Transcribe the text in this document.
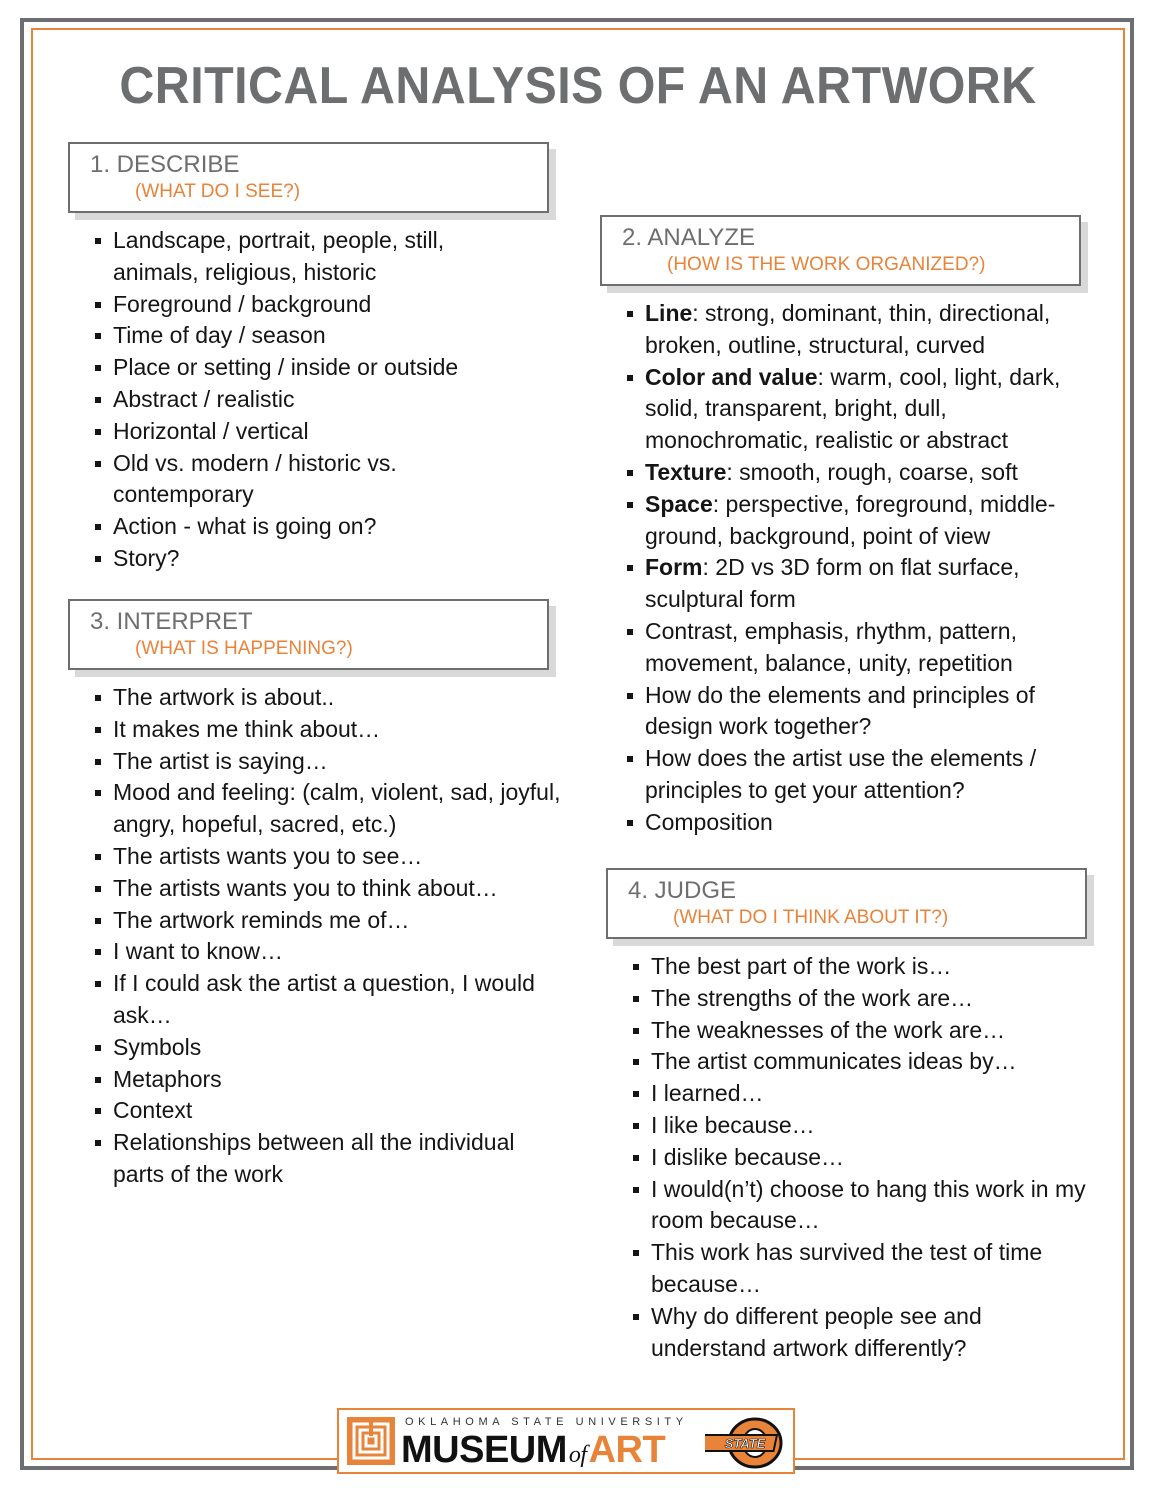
CRITICAL ANALYSIS OF AN ARTWORK
1. DESCRIBE
(WHAT DO I SEE?)
Landscape, portrait, people, still, animals, religious, historic
Foreground / background
Time of day / season
Place or setting / inside or outside
Abstract / realistic
Horizontal / vertical
Old vs. modern / historic vs. contemporary
Action - what is going on?
Story?
2. ANALYZE
(HOW IS THE WORK ORGANIZED?)
Line: strong, dominant, thin, directional, broken, outline, structural, curved
Color and value: warm, cool, light, dark, solid, transparent, bright, dull, monochromatic, realistic or abstract
Texture: smooth, rough, coarse, soft
Space: perspective, foreground, middle-ground, background, point of view
Form: 2D vs 3D form on flat surface, sculptural form
Contrast, emphasis, rhythm, pattern, movement, balance, unity, repetition
How do the elements and principles of design work together?
How does the artist use the elements / principles to get your attention?
Composition
3. INTERPRET
(WHAT IS HAPPENING?)
The artwork is about..
It makes me think about…
The artist is saying…
Mood and feeling: (calm, violent, sad, joyful, angry, hopeful, sacred, etc.)
The artists wants you to see…
The artists wants you to think about…
The artwork reminds me of…
I want to know…
If I could ask the artist a question, I would ask…
Symbols
Metaphors
Context
Relationships between all the individual parts of the work
4. JUDGE
(WHAT DO I THINK ABOUT IT?)
The best part of the work is…
The strengths of the work are…
The weaknesses of the work are…
The artist communicates ideas by…
I learned…
I like because…
I dislike because…
I would(n’t) choose to hang this work in my room because…
This work has survived the test of time because…
Why do different people see and understand artwork differently?
OKLAHOMA STATE UNIVERSITY
MUSEUMofART	STATE
